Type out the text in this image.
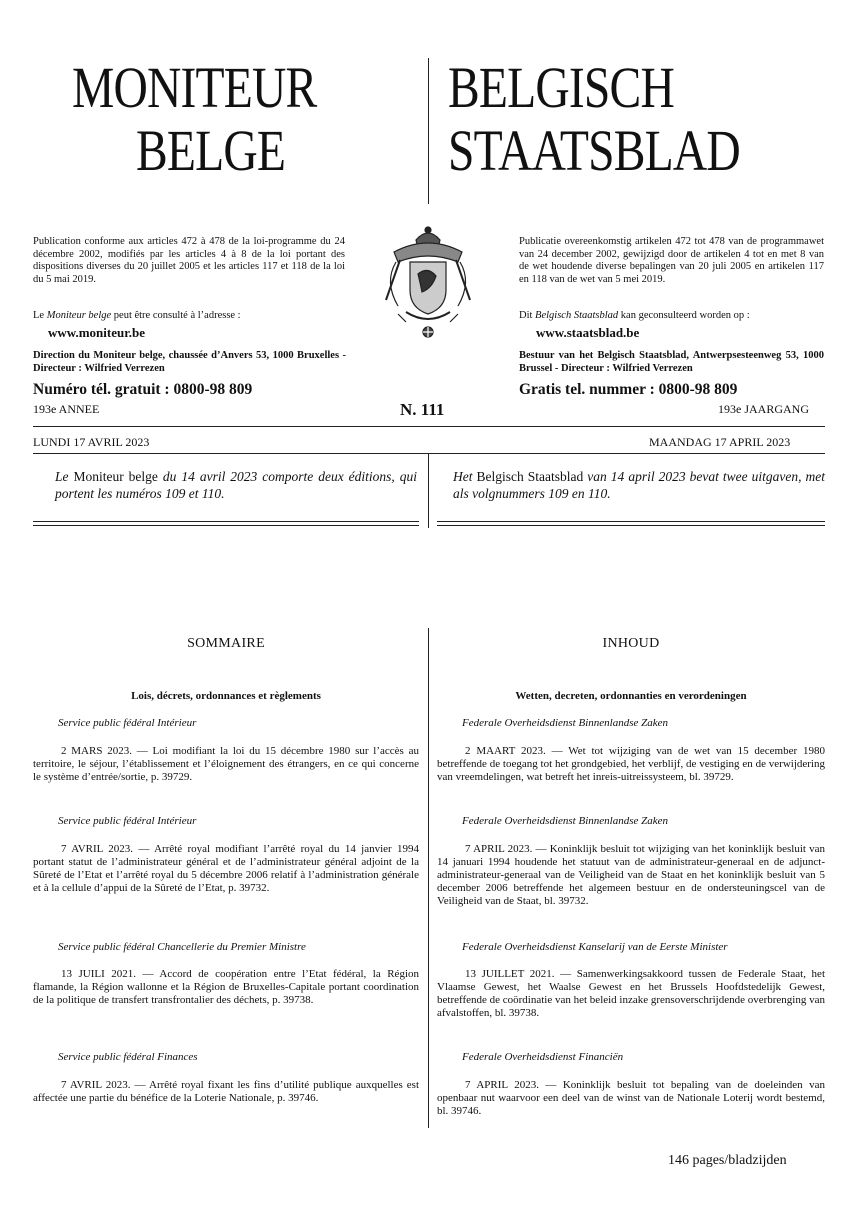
MONITEUR
BELGE
BELGISCH
STAATSBLAD
Publication conforme aux articles 472 à 478 de la loi-programme du 24 décembre 2002, modifiés par les articles 4 à 8 de la loi portant des dispositions diverses du 20 juillet 2005 et les articles 117 et 118 de la loi du 5 mai 2019.
Publicatie overeenkomstig artikelen 472 tot 478 van de programmawet van 24 december 2002, gewijzigd door de artikelen 4 tot en met 8 van de wet houdende diverse bepalingen van 20 juli 2005 en artikelen 117 en 118 van de wet van 5 mei 2019.
Le Moniteur belge peut être consulté à l’adresse :
www.moniteur.be
Dit Belgisch Staatsblad kan geconsulteerd worden op :
www.staatsblad.be
Direction du Moniteur belge, chaussée d’Anvers 53, 1000 Bruxelles - Directeur : Wilfried Verrezen
Bestuur van het Belgisch Staatsblad, Antwerpsesteenweg 53, 1000 Brussel - Directeur : Wilfried Verrezen
Numéro tél. gratuit : 0800-98 809	Gratis tel. nummer : 0800-98 809
193e ANNEE	N. 111	193e JAARGANG
LUNDI 17 AVRIL 2023	MAANDAG 17 APRIL 2023
Le Moniteur belge du 14 avril 2023 comporte deux éditions, qui portent les numéros 109 et 110.
Het Belgisch Staatsblad van 14 april 2023 bevat twee uitgaven, met als volgnummers 109 en 110.
SOMMAIRE
Lois, décrets, ordonnances et règlements
Service public fédéral Intérieur
2 MARS 2023. — Loi modifiant la loi du 15 décembre 1980 sur l’accès au territoire, le séjour, l’établissement et l’éloignement des étrangers, en ce qui concerne le système d’entrée/sortie, p. 39729.
Service public fédéral Intérieur
7 AVRIL 2023. — Arrêté royal modifiant l’arrêté royal du 14 janvier 1994 portant statut de l’administrateur général et de l’administrateur général adjoint de la Sûreté de l’Etat et l’arrêté royal du 5 décembre 2006 relatif à l’administration générale et à la cellule d’appui de la Sûreté de l’Etat, p. 39732.
Service public fédéral Chancellerie du Premier Ministre
13 JUILI 2021. — Accord de coopération entre l’Etat fédéral, la Région flamande, la Région wallonne et la Région de Bruxelles-Capitale portant coordination de la politique de transfert transfrontalier des déchets, p. 39738.
Service public fédéral Finances
7 AVRIL 2023. — Arrêté royal fixant les fins d’utilité publique auxquelles est affectée une partie du bénéfice de la Loterie Nationale, p. 39746.
INHOUD
Wetten, decreten, ordonnanties en verordeningen
Federale Overheidsdienst Binnenlandse Zaken
2 MAART 2023. — Wet tot wijziging van de wet van 15 december 1980 betreffende de toegang tot het grondgebied, het verblijf, de vestiging en de verwijdering van vreemdelingen, wat betreft het inreis-uitreissysteem, bl. 39729.
Federale Overheidsdienst Binnenlandse Zaken
7 APRIL 2023. — Koninklijk besluit tot wijziging van het koninklijk besluit van 14 januari 1994 houdende het statuut van de administrateur-generaal en de adjunct-administrateur-generaal van de Veiligheid van de Staat en het koninklijk besluit van 5 december 2006 betreffende het algemeen bestuur en de ondersteuningscel van de Veiligheid van de Staat, bl. 39732.
Federale Overheidsdienst Kanselarij van de Eerste Minister
13 JUILLET 2021. — Samenwerkingsakkoord tussen de Federale Staat, het Vlaamse Gewest, het Waalse Gewest en het Brussels Hoofdstedelijk Gewest, betreffende de coördinatie van het beleid inzake grensoverschrijdende overbrenging van afvalstoffen, bl. 39738.
Federale Overheidsdienst Financiën
7 APRIL 2023. — Koninklijk besluit tot bepaling van de doeleinden van openbaar nut waarvoor een deel van de winst van de Nationale Loterij wordt bestemd, bl. 39746.
146 pages/bladzijden
